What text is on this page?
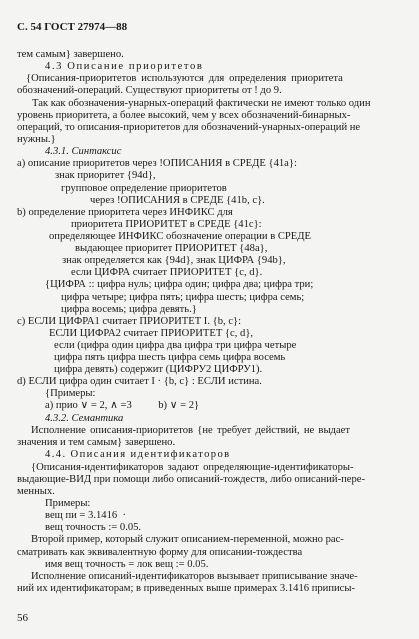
С. 54 ГОСТ 27974—88
тем самым} завершено.
4.3 Описание приоритетов
{Описания-приоритетов используются для определения приоритета
обозначений-операций. Существуют приоритеты от ! до 9.
Так как обозначения-унарных-операций фактически не имеют только один
уровень приоритета, а более высокий, чем у всех обозначений-бинарных-
операций, то описания-приоритетов для обозначений-унарных-операций не
нужны.}
4.3.1. Синтаксис
a) описание приоритетов через !ОПИСАНИЯ в СРЕДЕ {41a}:
знак приоритет {94d},
групповое определение приоритетов
через !ОПИСАНИЯ в СРЕДЕ {41b, c}.
b) определение приоритета через ИНФИКС для
приоритета ПРИОРИТЕТ в СРЕДЕ {41c}:
определяющее ИНФИКС обозначение операции в СРЕДЕ
выдающее приоритет ПРИОРИТЕТ {48a},
знак определяется как {94d}, знак ЦИФРА {94b},
если ЦИФРА считает ПРИОРИТЕТ {c, d}.
{ЦИФРА :: цифра нуль; цифра один; цифра два; цифра три;
цифра четыре; цифра пять; цифра шесть; цифра семь;
цифра восемь; цифра девять.}
c) ЕСЛИ ЦИФРА1 считает ПРИОРИТЕТ I. {b, c}:
ЕСЛИ ЦИФРА2 считает ПРИОРИТЕТ {c, d},
если (цифра один цифра два цифра три цифра четыре
цифра пять цифра шесть цифра семь цифра восемь
цифра девять) содержит (ЦИФРУ2 ЦИФРУ1).
d) ЕСЛИ цифра один считает I · {b, c} : ЕСЛИ истина.
{Примеры:
a) прио ∨ = 2, ∧ =3          b) ∨ = 2}
4.3.2. Семантика
Исполнение описания-приоритетов {не требует действий, не выдает
значения и тем самым} завершено.
4.4. Описания идентификаторов
{Описания-идентификаторов задают определяющие-идентификаторы-
выдающие-ВИД при помощи либо описаний-тождеств, либо описаний-пере-
менных.
Примеры:
вещ пи = 3.1416  ·
вещ точность := 0.05.
Второй пример, который служит описанием-переменной, можно рас-
сматривать как эквивалентную форму для описании-тождества
имя вещ точность = лок вещ := 0.05.
Исполнение описаний-идентификаторов вызывает приписывание значе-
ний их идентификаторам; в приведенных выше примерах 3.1416 приписы-
56
